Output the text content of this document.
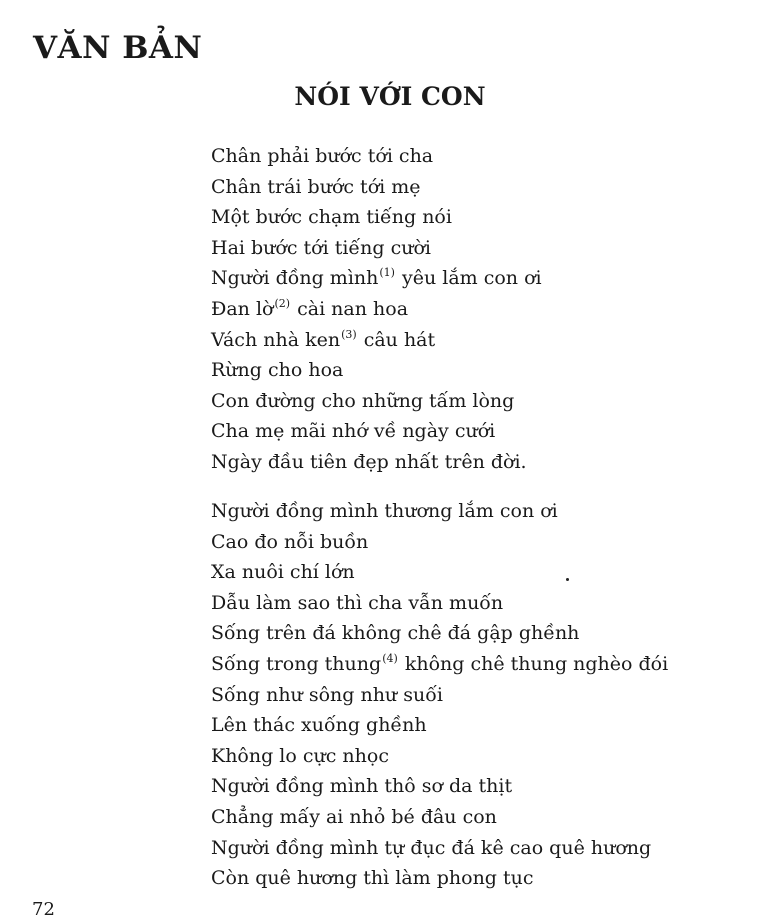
VĂN BẢN
NÓI VỚI CON
Chân phải bước tới cha
Chân trái bước tới mẹ
Một bước chạm tiếng nói
Hai bước tới tiếng cười
Người đồng mình$^{(1)}$ yêu lắm con ơi
Đan lờ$^{(2)}$ cài nan hoa
Vách nhà ken$^{(3)}$ câu hát
Rừng cho hoa
Con đường cho những tấm lòng
Cha mẹ mãi nhớ về ngày cưới
Ngày đầu tiên đẹp nhất trên đời.
Người đồng mình thương lắm con ơi
Cao đo nỗi buồn
Xa nuôi chí lớn
Dẫu làm sao thì cha vẫn muốn
Sống trên đá không chê đá gập ghềnh
Sống trong thung$^{(4)}$ không chê thung nghèo đói
Sống như sông như suối
Lên thác xuống ghềnh
Không lo cực nhọc
Người đồng mình thô sơ da thịt
Chẳng mấy ai nhỏ bé đâu con
Người đồng mình tự đục đá kê cao quê hương
Còn quê hương thì làm phong tục
72
